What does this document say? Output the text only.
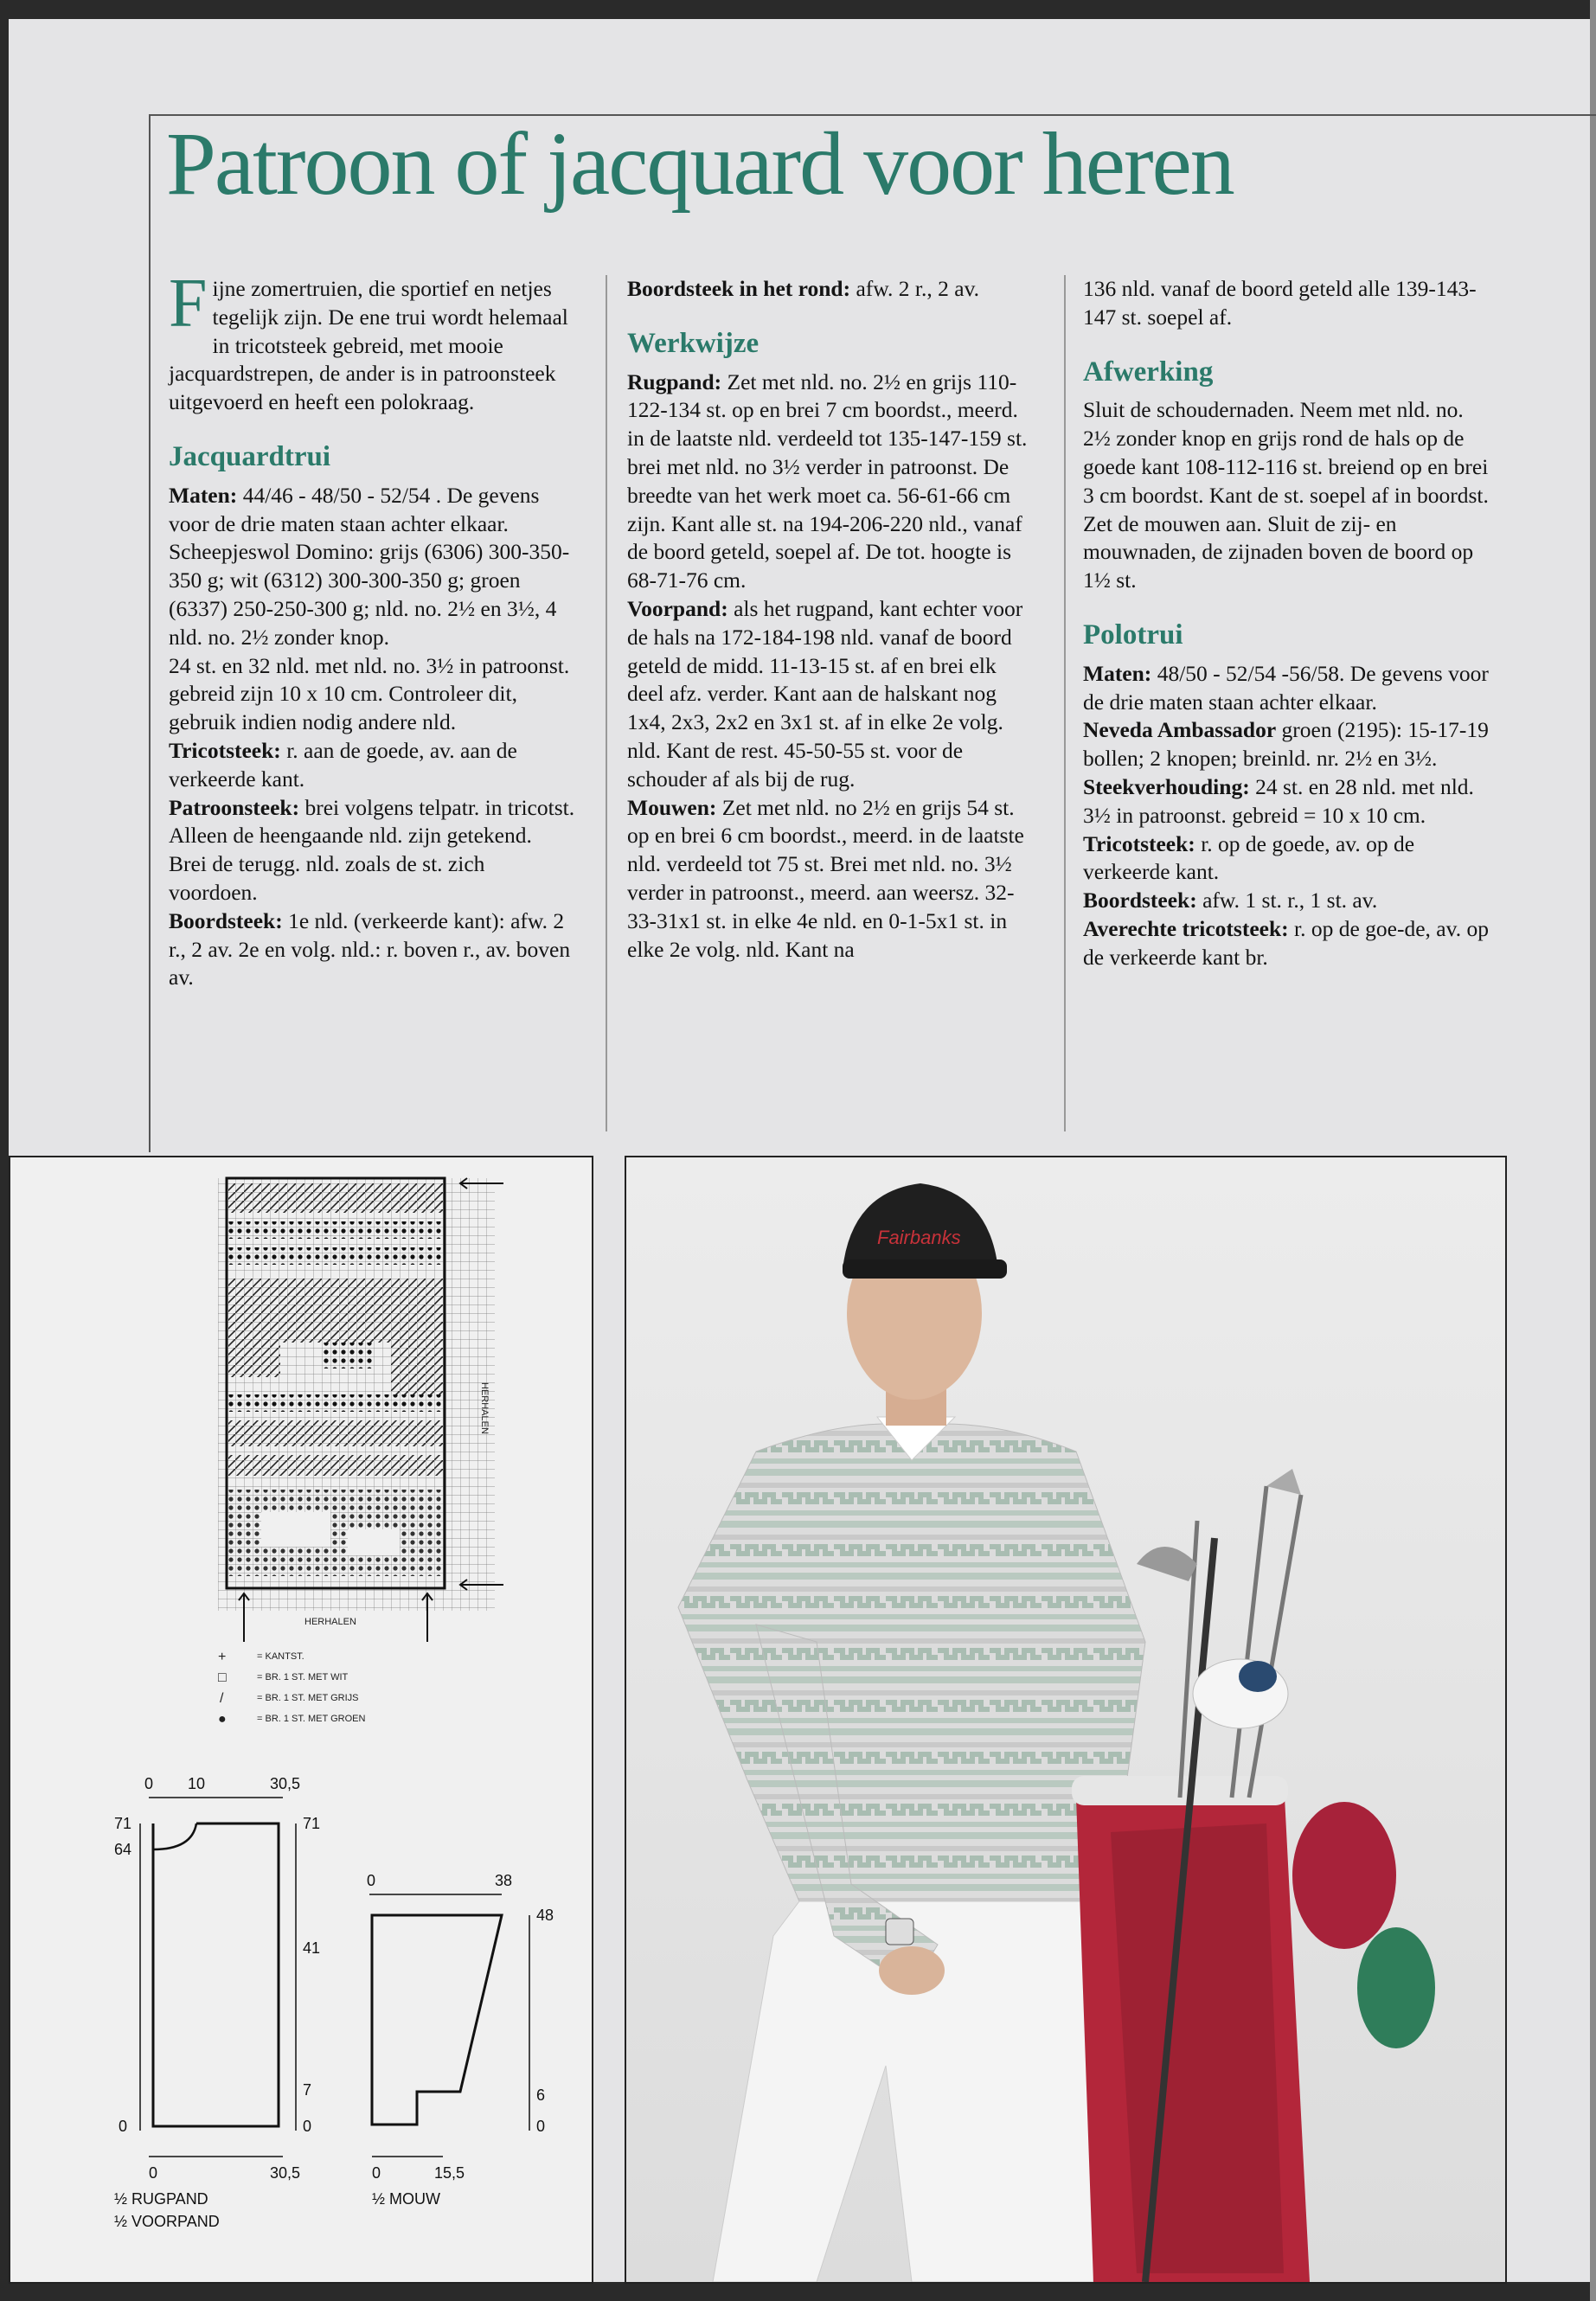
Patroon of jacquard voor heren

Fijne zomertruien, die sportief en netjes tegelijk zijn. De ene trui wordt helemaal in tricotsteek gebreid, met mooie jacquardstrepen, de ander is in patroonsteek uitgevoerd en heeft een polokraag.

Jacquardtrui

Maten: 44/46 - 48/50 - 52/54 . De gevens voor de drie maten staan achter elkaar.

Scheepjeswol Domino: grijs (6306) 300-350-350 g; wit (6312) 300-300-350 g; groen (6337) 250-250-300 g; nld. no. 2½ en 3½, 4 nld. no. 2½ zonder knop.

24 st. en 32 nld. met nld. no. 3½ in patroonst. gebreid zijn 10 x 10 cm. Controleer dit, gebruik indien nodig andere nld.

Tricotsteek: r. aan de goede, av. aan de verkeerde kant.

Patroonsteek: brei volgens telpatr. in tricotst. Alleen de heengaande nld. zijn getekend. Brei de terugg. nld. zoals de st. zich voordoen.

Boordsteek: 1e nld. (verkeerde kant): afw. 2 r., 2 av. 2e en volg. nld.: r. boven r., av. boven av.

Boordsteek in het rond: afw. 2 r., 2 av.

Werkwijze

Rugpand: Zet met nld. no. 2½ en grijs 110-122-134 st. op en brei 7 cm boordst., meerd. in de laatste nld. verdeeld tot 135-147-159 st. brei met nld. no 3½ verder in patroonst. De breedte van het werk moet ca. 56-61-66 cm zijn. Kant alle st. na 194-206-220 nld., vanaf de boord geteld, soepel af. De tot. hoogte is 68-71-76 cm.

Voorpand: als het rugpand, kant echter voor de hals na 172-184-198 nld. vanaf de boord geteld de midd. 11-13-15 st. af en brei elk deel afz. verder. Kant aan de halskant nog 1x4, 2x3, 2x2 en 3x1 st. af in elke 2e volg. nld. Kant de rest. 45-50-55 st. voor de schouder af als bij de rug.

Mouwen: Zet met nld. no 2½ en grijs 54 st. op en brei 6 cm boordst., meerd. in de laatste nld. verdeeld tot 75 st. Brei met nld. no. 3½ verder in patroonst., meerd. aan weersz. 32-33-31x1 st. in elke 4e nld. en 0-1-5x1 st. in elke 2e volg. nld. Kant na

136 nld. vanaf de boord geteld alle 139-143-147 st. soepel af.

Afwerking

Sluit de schoudernaden. Neem met nld. no. 2½ zonder knop en grijs rond de hals op de goede kant 108-112-116 st. breiend op en brei 3 cm boordst. Kant de st. soepel af in boordst. Zet de mouwen aan. Sluit de zij- en mouwnaden, de zijnaden boven de boord op 1½ st.

Polotrui

Maten: 48/50 - 52/54 -56/58. De gevens voor de drie maten staan achter elkaar.

Neveda Ambassador groen (2195): 15-17-19 bollen; 2 knopen; breinld. nr. 2½ en 3½.

Steekverhouding: 24 st. en 28 nld. met nld. 3½ in patroonst. gebreid = 10 x 10 cm.

Tricotsteek: r. op de goede, av. op de verkeerde kant.

Boordsteek: afw. 1 st. r., 1 st. av.

Averechte tricotsteek: r. op de goe-de, av. op de verkeerde kant br.

HERHALEN
HERHALEN
+	= KANTST.
□	= BR. 1 ST. MET WIT
/	= BR. 1 ST. MET GRIJS
●	= BR. 1 ST. MET GROEN
0 10	30,5
71
64
0
71
41
7
0
0	30,5
½ RUGPAND
½ VOORPAND
0	38
48
6
0
0	15,5
½ MOUW
Fairbanks
